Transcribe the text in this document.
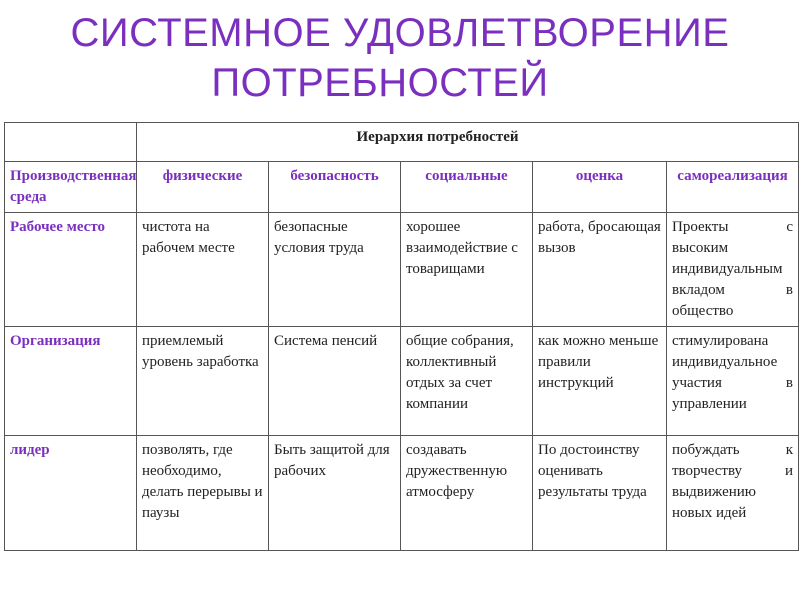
СИСТЕМНОЕ УДОВЛЕТВОРЕНИЕ
ПОТРЕБНОСТЕЙ
	Иерархия потребностей				
Производственная среда	физические	безопасность	социальные	оценка	самореализация
Рабочее место	чистота на рабочем месте	безопасные условия труда	хорошее взаимодействие с товарищами	работа, бросающая вызов	Проекты с высоким индивидуальным вкладом в общество
Организация	приемлемый уровень заработка	Система пенсий	общие собрания, коллективный отдых за счет компании	как можно меньше правили инструкций	стимулирована индивидуальное участия в управлении
лидер	позволять, где необходимо, делать перерывы и паузы	Быть защитой для рабочих	создавать дружественную атмосферу	По достоинству оценивать результаты труда	побуждать к творчеству и выдвижению новых идей
